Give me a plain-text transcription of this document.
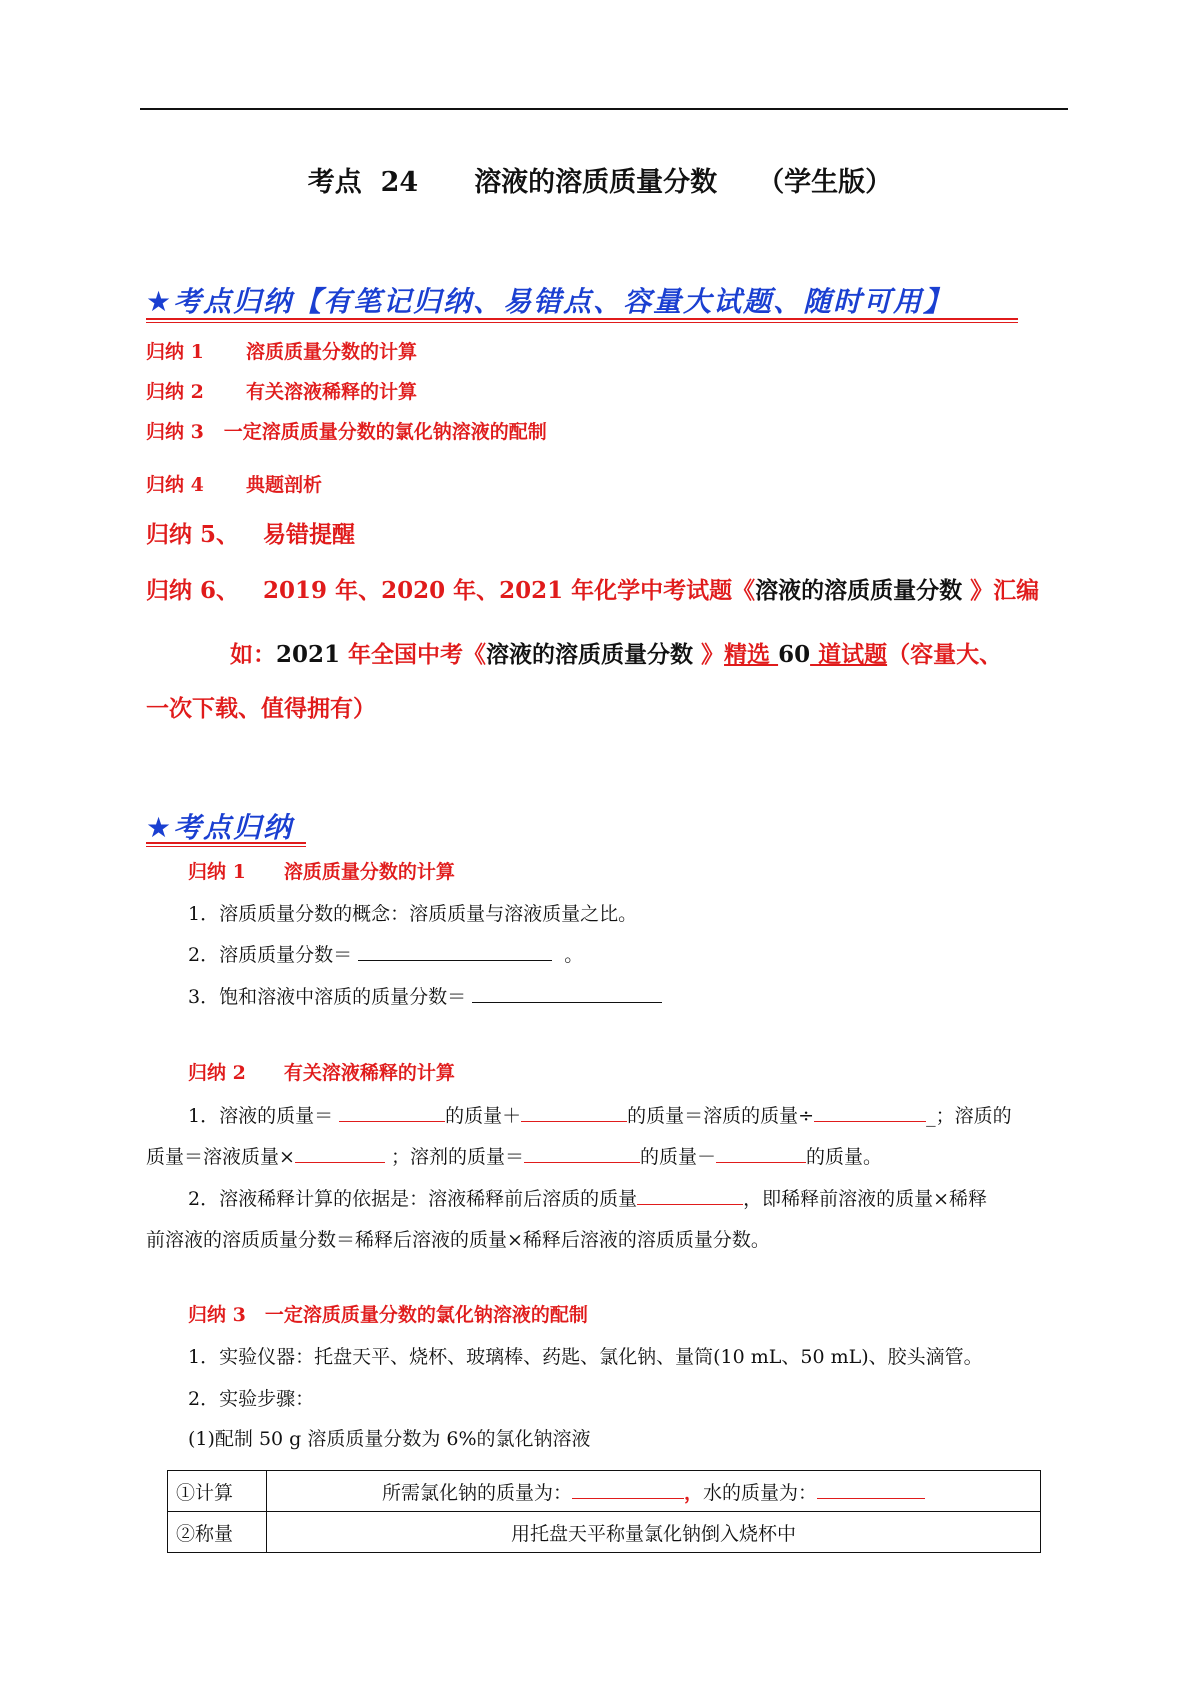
考点 24 溶液的溶质质量分数 （学生版）
★考点归纳【有笔记归纳、易错点、容量大试题、随时可用】
归纳 1 溶质质量分数的计算
归纳 2 有关溶液稀释的计算
归纳 3 一定溶质质量分数的氯化钠溶液的配制
归纳 4 典题剖析
归纳 5、 易错提醒
归纳 6、 2019 年、2020 年、2021 年化学中考试题《溶液的溶质质量分数 》汇编
如：2021 年全国中考《溶液的溶质质量分数 》精选 60 道试题（容量大、
一次下载、值得拥有）
★考点归纳
归纳 1　　溶质质量分数的计算
1．溶质质量分数的概念：溶质质量与溶液质量之比。
2．溶质质量分数＝	。
3．饱和溶液中溶质的质量分数＝
归纳 2　　有关溶液稀释的计算
1．溶液的质量＝	的质量＋	的质量＝溶质的质量÷	_；溶质的
质量＝溶液质量×	；溶剂的质量＝	的质量－	的质量。
2．溶液稀释计算的依据是：溶液稀释前后溶质的质量	，即稀释前溶液的质量×稀释
前溶液的溶质质量分数＝稀释后溶液的质量×稀释后溶液的溶质质量分数。
归纳 3　一定溶质质量分数的氯化钠溶液的配制
1．实验仪器：托盘天平、烧杯、玻璃棒、药匙、氯化钠、量筒(10 mL、50 mL)、胶头滴管。
2．实验步骤：
(1)配制 50 g 溶质质量分数为 6%的氯化钠溶液
①计算	所需氯化钠的质量为： ，水的质量为：
②称量	用托盘天平称量氯化钠倒入烧杯中
